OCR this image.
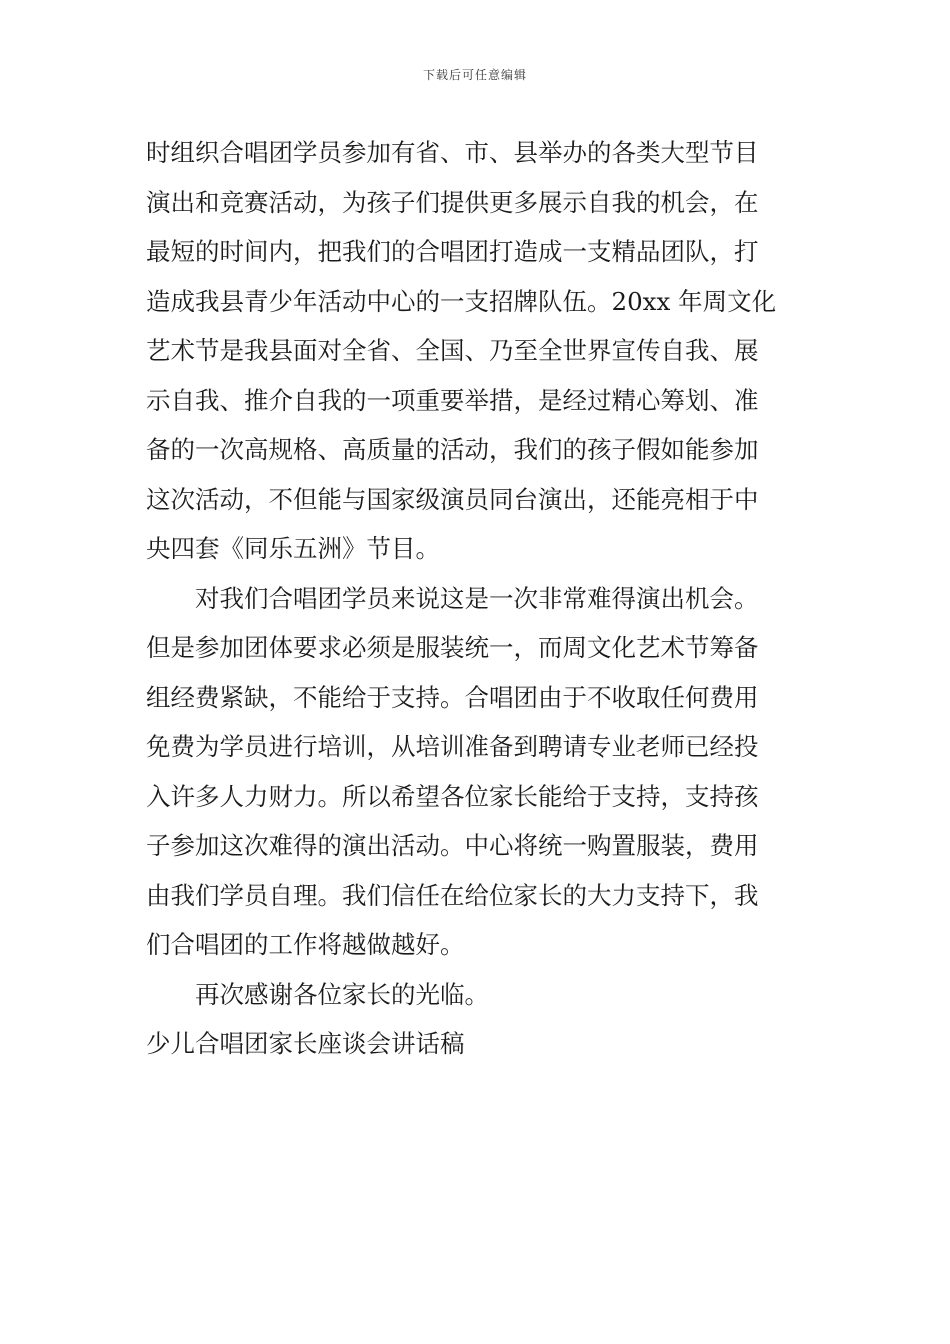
下载后可任意编辑
时组织合唱团学员参加有省、市、县举办的各类大型节目
演出和竞赛活动，为孩子们提供更多展示自我的机会，在
最短的时间内，把我们的合唱团打造成一支精品团队，打
造成我县青少年活动中心的一支招牌队伍。20xx 年周文化
艺术节是我县面对全省、全国、乃至全世界宣传自我、展
示自我、推介自我的一项重要举措，是经过精心筹划、准
备的一次高规格、高质量的活动，我们的孩子假如能参加
这次活动，不但能与国家级演员同台演出，还能亮相于中
央四套《同乐五洲》节目。
对我们合唱团学员来说这是一次非常难得演出机会。
但是参加团体要求必须是服装统一，而周文化艺术节筹备
组经费紧缺，不能给于支持。合唱团由于不收取任何费用
免费为学员进行培训，从培训准备到聘请专业老师已经投
入许多人力财力。所以希望各位家长能给于支持，支持孩
子参加这次难得的演出活动。中心将统一购置服装，费用
由我们学员自理。我们信任在给位家长的大力支持下，我
们合唱团的工作将越做越好。
再次感谢各位家长的光临。
少儿合唱团家长座谈会讲话稿
